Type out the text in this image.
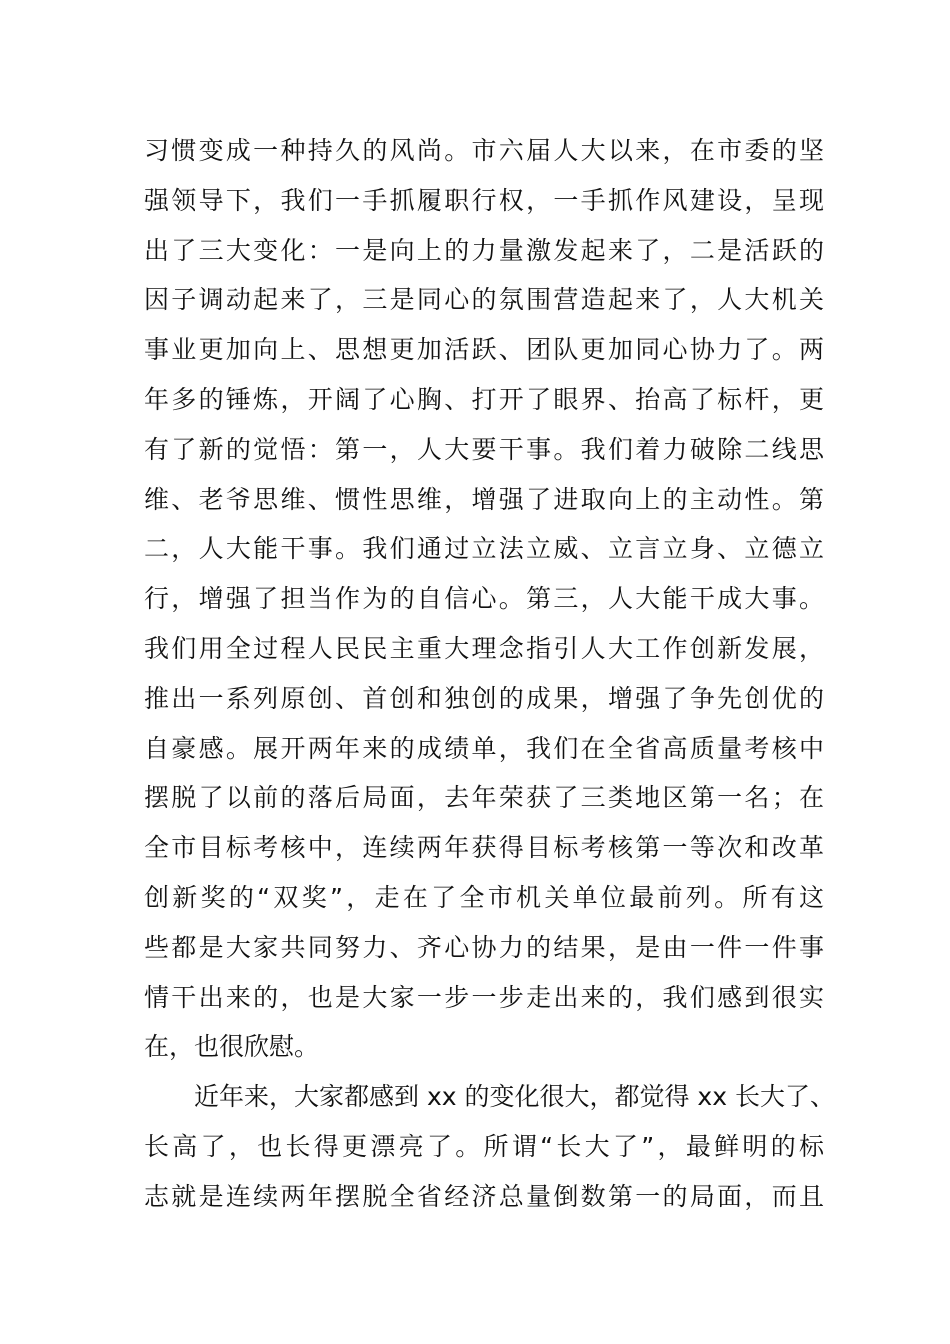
习惯变成一种持久的风尚。市六届人大以来，在市委的坚
强领导下，我们一手抓履职行权，一手抓作风建设，呈现
出了三大变化：一是向上的力量激发起来了，二是活跃的
因子调动起来了，三是同心的氛围营造起来了，人大机关
事业更加向上、思想更加活跃、团队更加同心协力了。两
年多的锤炼，开阔了心胸、打开了眼界、抬高了标杆，更
有了新的觉悟：第一，人大要干事。我们着力破除二线思
维、老爷思维、惯性思维，增强了进取向上的主动性。第
二，人大能干事。我们通过立法立威、立言立身、立德立
行，增强了担当作为的自信心。第三，人大能干成大事。
我们用全过程人民民主重大理念指引人大工作创新发展，
推出一系列原创、首创和独创的成果，增强了争先创优的
自豪感。展开两年来的成绩单，我们在全省高质量考核中
摆脱了以前的落后局面，去年荣获了三类地区第一名；在
全市目标考核中，连续两年获得目标考核第一等次和改革
创新奖的“双奖”，走在了全市机关单位最前列。所有这
些都是大家共同努力、齐心协力的结果，是由一件一件事
情干出来的，也是大家一步一步走出来的，我们感到很实
在，也很欣慰。
近年来，大家都感到 xx 的变化很大，都觉得 xx 长大了、
长高了，也长得更漂亮了。所谓“长大了”，最鲜明的标
志就是连续两年摆脱全省经济总量倒数第一的局面，而且
